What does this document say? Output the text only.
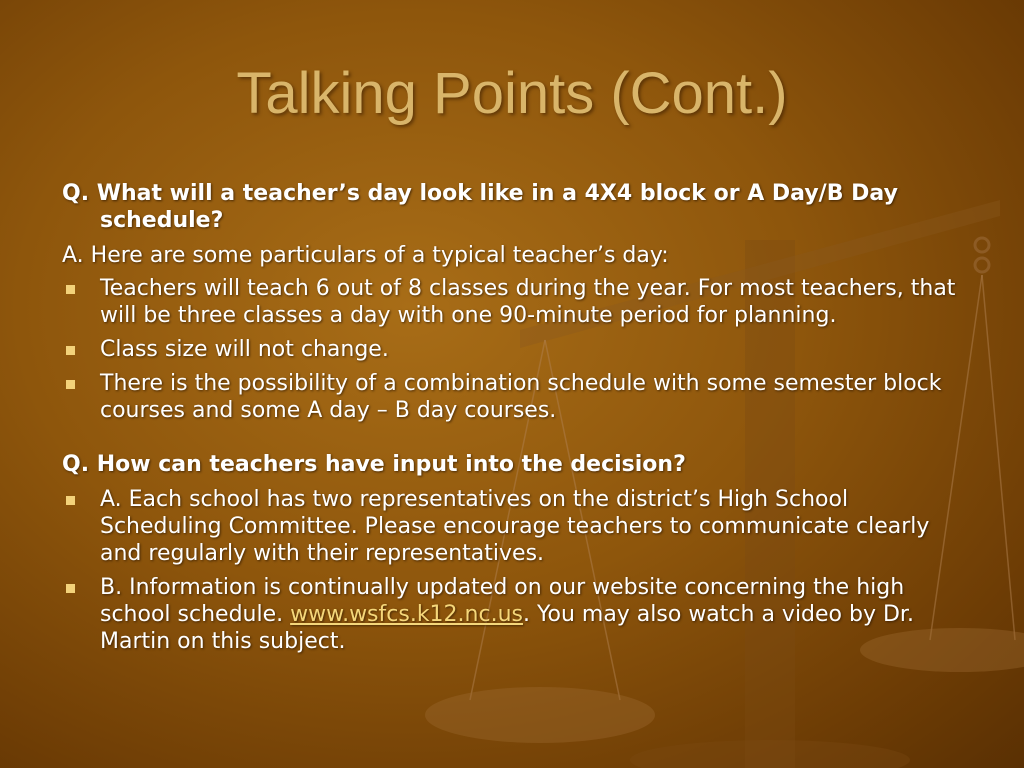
Talking Points (Cont.)
Q. What will a teacher’s day look like in a 4X4 block or A Day/B Day schedule?
A. Here are some particulars of a typical teacher’s day:
Teachers will teach 6 out of 8 classes during the year. For most teachers, that will be three classes a day with one 90-minute period for planning.
Class size will not change.
There is the possibility of a combination schedule with some semester block courses and some A day – B day courses.
Q. How can teachers have input into the decision?
A. Each school has two representatives on the district’s High School Scheduling Committee. Please encourage teachers to communicate clearly and regularly with their representatives.
B. Information is continually updated on our website concerning the high school schedule. www.wsfcs.k12.nc.us. You may also watch a video by Dr. Martin on this subject.
